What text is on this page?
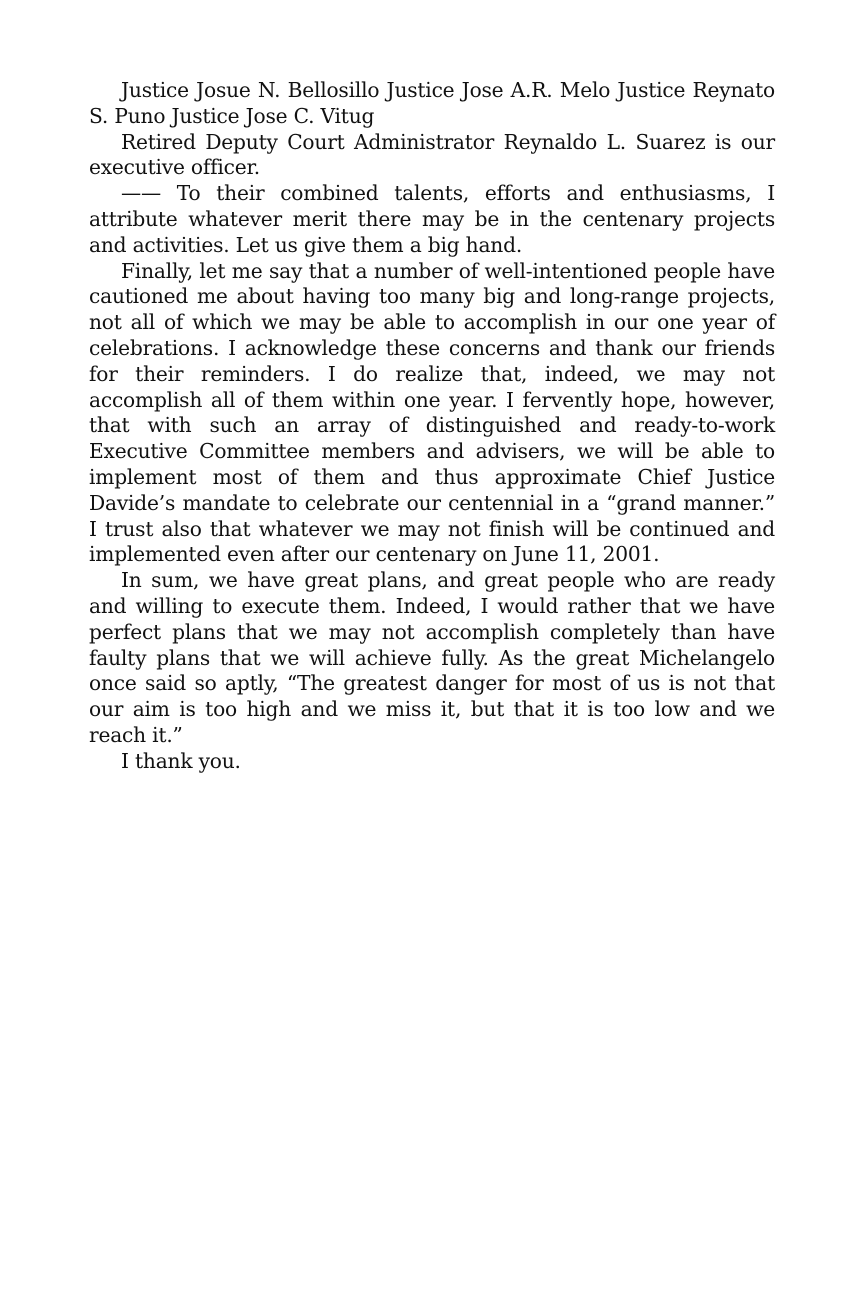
Justice Josue N. Bellosillo Justice Jose A.R. Melo Justice Reynato S. Puno Justice Jose C. Vitug

Retired Deputy Court Administrator Reynaldo L. Suarez is our executive officer.

—— To their combined talents, efforts and enthusiasms, I attribute whatever merit there may be in the centenary projects and activities. Let us give them a big hand.

Finally, let me say that a number of well-intentioned people have cautioned me about having too many big and long-range projects, not all of which we may be able to accomplish in our one year of celebrations. I acknowledge these concerns and thank our friends for their reminders. I do realize that, indeed, we may not accomplish all of them within one year. I fervently hope, however, that with such an array of distinguished and ready-to-work Executive Committee members and advisers, we will be able to implement most of them and thus approximate Chief Justice Davide’s mandate to celebrate our centennial in a “grand manner.” I trust also that whatever we may not finish will be continued and implemented even after our centenary on June 11, 2001.

In sum, we have great plans, and great people who are ready and willing to execute them. Indeed, I would rather that we have perfect plans that we may not accomplish completely than have faulty plans that we will achieve fully. As the great Michelangelo once said so aptly, “The greatest danger for most of us is not that our aim is too high and we miss it, but that it is too low and we reach it.”

I thank you.
